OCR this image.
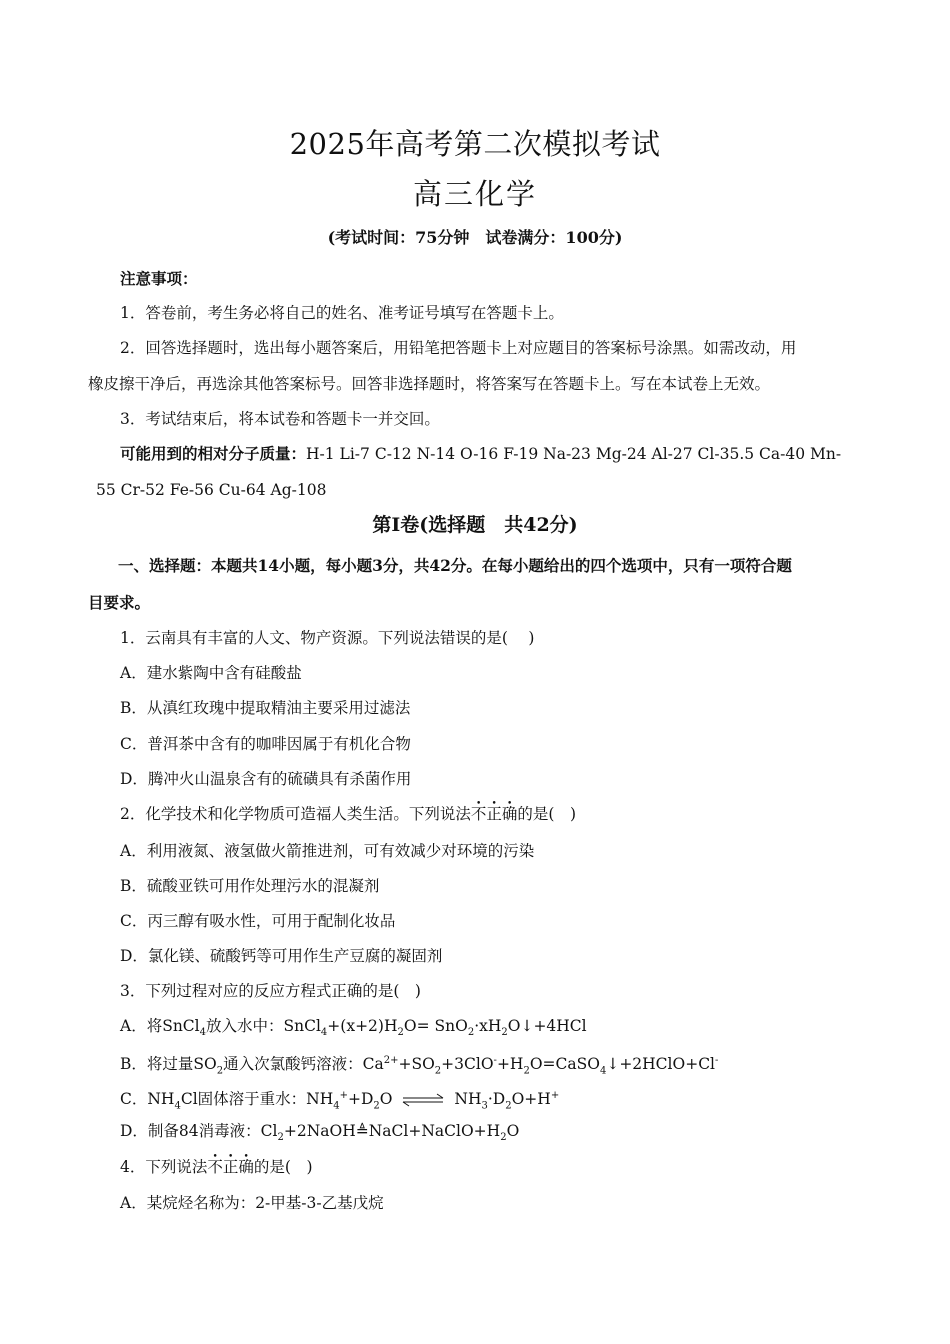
2025年高考第二次模拟考试
高三化学
(考试时间：75分钟　试卷满分：100分)
注意事项：
1．答卷前，考生务必将自己的姓名、准考证号填写在答题卡上。
2．回答选择题时，选出每小题答案后，用铅笔把答题卡上对应题目的答案标号涂黑。如需改动，用
橡皮擦干净后，再选涂其他答案标号。回答非选择题时，将答案写在答题卡上。写在本试卷上无效。
3．考试结束后，将本试卷和答题卡一并交回。
可能用到的相对分子质量：H-1 Li-7 C-12 N-14 O-16 F-19 Na-23 Mg-24 Al-27 Cl-35.5 Ca-40 Mn-
55 Cr-52 Fe-56 Cu-64 Ag-108
第Ⅰ卷(选择题　共42分)
一、选择题：本题共14小题，每小题3分，共42分。在每小题给出的四个选项中，只有一项符合题
目要求。
1．云南具有丰富的人文、物产资源。下列说法错误的是(　 )
A．建水紫陶中含有硅酸盐
B．从滇红玫瑰中提取精油主要采用过滤法
C．普洱茶中含有的咖啡因属于有机化合物
D．腾冲火山温泉含有的硫磺具有杀菌作用
2．化学技术和化学物质可造福人类生活。下列说法不正确的是(　)
A．利用液氮、液氢做火箭推进剂，可有效减少对环境的污染
B．硫酸亚铁可用作处理污水的混凝剂
C．丙三醇有吸水性，可用于配制化妆品
D．氯化镁、硫酸钙等可用作生产豆腐的凝固剂
3．下列过程对应的反应方程式正确的是(　)
A．将SnCl$_4$放入水中：$SnCl_4+(x+2)H_2O=$ $SnO_2\cdot xH_2O↓+4HCl$
B．将过量$SO_2$通入次氯酸钙溶液：$Ca^{2+}+SO_2+3ClO^-+H_2O=CaSO_4↓+2HClO+Cl^-$
C．$NH_4Cl$固体溶于重水：$NH_4^++D_2O$ ⇌ $NH_3\cdot D_2O+H^+$
D．制备84消毒液：$Cl_2+2NaOH≜NaCl+NaClO+H_2O$
4．下列说法不正确的是(　)
A．某烷烃名称为：2-甲基-3-乙基戊烷
